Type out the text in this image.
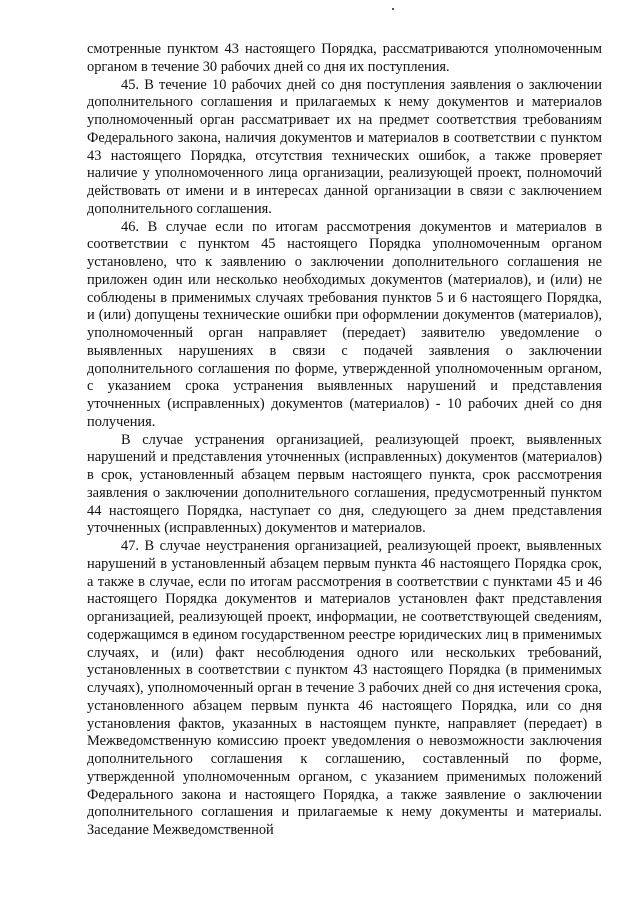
смотренные пунктом 43 настоящего Порядка, рассматриваются уполномоченным органом в течение 30 рабочих дней со дня их поступления.

45. В течение 10 рабочих дней со дня поступления заявления о заключении дополнительного соглашения и прилагаемых к нему документов и материалов уполномоченный орган рассматривает их на предмет соответствия требованиям Федерального закона, наличия документов и материалов в соответствии с пунктом 43 настоящего Порядка, отсутствия технических ошибок, а также проверяет наличие у уполномоченного лица организации, реализующей проект, полномочий действовать от имени и в интересах данной организации в связи с заключением дополнительного соглашения.

46. В случае если по итогам рассмотрения документов и материалов в соответствии с пунктом 45 настоящего Порядка уполномоченным органом установлено, что к заявлению о заключении дополнительного соглашения не приложен один или несколько необходимых документов (материалов), и (или) не соблюдены в применимых случаях требования пунктов 5 и 6 настоящего Порядка, и (или) допущены технические ошибки при оформлении документов (материалов), уполномоченный орган направляет (передает) заявителю уведомление о выявленных нарушениях в связи с подачей заявления о заключении дополнительного соглашения по форме, утвержденной уполномоченным органом, с указанием срока устранения выявленных нарушений и представления уточненных (исправленных) документов (материалов) - 10 рабочих дней со дня получения.

В случае устранения организацией, реализующей проект, выявленных нарушений и представления уточненных (исправленных) документов (материалов) в срок, установленный абзацем первым настоящего пункта, срок рассмотрения заявления о заключении дополнительного соглашения, предусмотренный пунктом 44 настоящего Порядка, наступает со дня, следующего за днем представления уточненных (исправленных) документов и материалов.

47. В случае неустранения организацией, реализующей проект, выявленных нарушений в установленный абзацем первым пункта 46 настоящего Порядка срок, а также в случае, если по итогам рассмотрения в соответствии с пунктами 45 и 46 настоящего Порядка документов и материалов установлен факт представления организацией, реализующей проект, информации, не соответствующей сведениям, содержащимся в едином государственном реестре юридических лиц в применимых случаях, и (или) факт несоблюдения одного или нескольких требований, установленных в соответствии с пунктом 43 настоящего Порядка (в применимых случаях), уполномоченный орган в течение 3 рабочих дней со дня истечения срока, установленного абзацем первым пункта 46 настоящего Порядка, или со дня установления фактов, указанных в настоящем пункте, направляет (передает) в Межведомственную комиссию проект уведомления о невозможности заключения дополнительного соглашения к соглашению, составленный по форме, утвержденной уполномоченным органом, с указанием применимых положений Федерального закона и настоящего Порядка, а также заявление о заключении дополнительного соглашения и прилагаемые к нему документы и материалы. Заседание Межведомственной
